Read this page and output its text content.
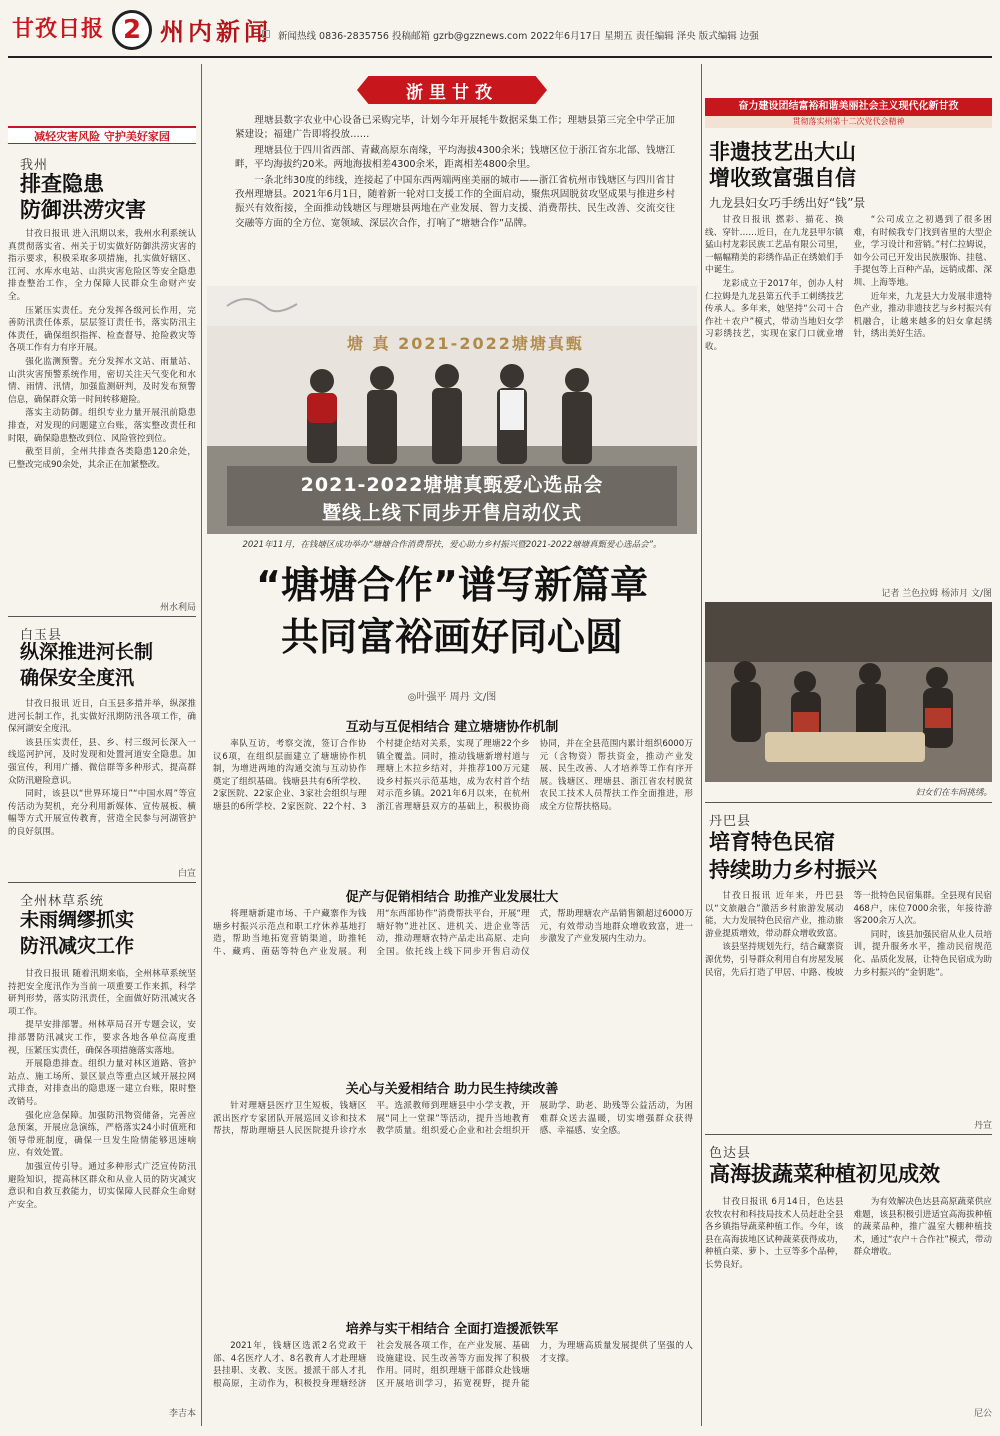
甘孜日报 2 州内新闻 新闻热线 0836-2835756 投稿邮箱 gzrb@gzznews.com 2022年6月17日 星期五 责任编辑 泽央 版式编辑 边强
减轻灾害风险 守护美好家园
我州
排查隐患
防御洪涝灾害

甘孜日报讯 进入汛期以来，我州水利系统认真贯彻落实省、州关于切实做好防御洪涝灾害的指示要求，积极采取多项措施，扎实做好辖区、江河、水库水电站、山洪灾害危险区等安全隐患排查整治工作，全力保障人民群众生命财产安全。

压紧压实责任。充分发挥各级河长作用，完善防汛责任体系，层层签订责任书，落实防汛主体责任，确保组织指挥、检查督导、抢险救灾等各项工作有力有序开展。

强化监测预警。充分发挥水文站、雨量站、山洪灾害预警系统作用，密切关注天气变化和水情、雨情、汛情，加强监测研判，及时发布预警信息，确保群众第一时间转移避险。

落实主动防御。组织专业力量开展汛前隐患排查，对发现的问题建立台账，落实整改责任和时限，确保隐患整改到位、风险管控到位。

截至目前，全州共排查各类隐患120余处，已整改完成90余处，其余正在加紧整改。

州水利局
白玉县
纵深推进河长制
确保安全度汛

甘孜日报讯 近日，白玉县多措并举，纵深推进河长制工作，扎实做好汛期防汛各项工作，确保河湖安全度汛。

该县压实责任，县、乡、村三级河长深入一线巡河护河，及时发现和处置河道安全隐患。加强宣传，利用广播、微信群等多种形式，提高群众防汛避险意识。

同时，该县以“世界环境日”“中国水周”等宣传活动为契机，充分利用新媒体、宣传展板、横幅等方式开展宣传教育，营造全民参与河湖管护的良好氛围。

白宣
全州林草系统
未雨绸缪抓实
防汛减灾工作

甘孜日报讯 随着汛期来临，全州林草系统坚持把安全度汛作为当前一项重要工作来抓，科学研判形势，落实防汛责任，全面做好防汛减灾各项工作。

提早安排部署。州林草局召开专题会议，安排部署防汛减灾工作，要求各地各单位高度重视，压紧压实责任，确保各项措施落实落地。

开展隐患排查。组织力量对林区道路、管护站点、施工场所、景区景点等重点区域开展拉网式排查，对排查出的隐患逐一建立台账，限时整改销号。

强化应急保障。加强防汛物资储备，完善应急预案，开展应急演练，严格落实24小时值班和领导带班制度，确保一旦发生险情能够迅速响应、有效处置。

加强宣传引导。通过多种形式广泛宣传防汛避险知识，提高林区群众和从业人员的防灾减灾意识和自救互救能力，切实保障人民群众生命财产安全。

李吉本
浙里甘孜

理塘县数字农业中心设备已采购完毕，计划今年开展牦牛数据采集工作；理塘县第三完全中学正加紧建设；福建广告即将投放……

理塘县位于四川省西部、青藏高原东南缘，平均海拔4300余米；钱塘区位于浙江省东北部、钱塘江畔，平均海拔约20米。两地海拔相差4300余米，距离相差4800余里。

一条北纬30度的纬线，连接起了中国东西两端两座美丽的城市——浙江省杭州市钱塘区与四川省甘孜州理塘县。2021年6月1日，随着新一轮对口支援工作的全面启动，聚焦巩固脱贫攻坚成果与推进乡村振兴有效衔接，全面推动钱塘区与理塘县两地在产业发展、智力支援、消费帮扶、民生改善、交流交往交融等方面的全方位、宽领域、深层次合作，打响了“塘塘合作”品牌。

塘 真 2021-2022塘塘真甄
2021-2022塘塘真甄爱心选品会
暨线上线下同步开售启动仪式
2021年11月，在钱塘区成功举办“塘塘合作消费帮扶，爱心助力乡村振兴暨2021-2022塘塘真甄爱心选品会”。
“塘塘合作”谱写新篇章
共同富裕画好同心圆
◎叶强平 周丹 文/图
互动与互促相结合 建立塘塘协作机制

率队互访，考察交流，签订合作协议6项，在组织层面建立了塘塘协作机制，为增进两地的沟通交流与互动协作奠定了组织基础。钱塘县共有6所学校、2家医院、22家企业、3家社会组织与理塘县的6所学校、2家医院、22个村、3个村捷企结对关系，实现了理塘22个乡镇全覆盖。同时，推动钱塘新增村道与理塘上木拉乡结对，并推荐100万元建设乡村振兴示范基地，成为农村首个结对示范乡镇。2021年6月以来，在杭州浙江省理塘县双方的基础上，积极协商协同，并在全县范围内累计组织6000万元（含物资）帮扶资金，推动产业发展、民生改善、人才培养等工作有序开展。钱塘区、理塘县、浙江省农村脱贫农民工技术人员帮扶工作全面推进，形成全方位帮扶格局。

促产与促销相结合 助推产业发展壮大

将理塘新建市场、千户藏寨作为钱塘乡村振兴示范点和职工疗休养基地打造，帮助当地拓宽营销渠道，助推牦牛、藏鸡、菌菇等特色产业发展。利用“东西部协作”消费帮扶平台，开展“理塘好物”进社区、进机关、进企业等活动，推动理塘农特产品走出高原、走向全国。依托线上线下同步开售启动仪式，帮助理塘农产品销售额超过6000万元，有效带动当地群众增收致富，进一步激发了产业发展内生动力。

关心与关爱相结合 助力民生持续改善

针对理塘县医疗卫生短板，钱塘区派出医疗专家团队开展巡回义诊和技术帮扶，帮助理塘县人民医院提升诊疗水平。选派教师到理塘县中小学支教，开展“同上一堂课”等活动，提升当地教育教学质量。组织爱心企业和社会组织开展助学、助老、助残等公益活动，为困难群众送去温暖，切实增强群众获得感、幸福感、安全感。

培养与实干相结合 全面打造援派铁军

2021年，钱塘区选派2名党政干部、4名医疗人才、8名教育人才赴理塘县挂职、支教、支医。援派干部人才扎根高原，主动作为，积极投身理塘经济社会发展各项工作，在产业发展、基础设施建设、民生改善等方面发挥了积极作用。同时，组织理塘干部群众赴钱塘区开展培训学习，拓宽视野，提升能力，为理塘高质量发展提供了坚强的人才支撑。

奋力建设团结富裕和谐美丽社会主义现代化新甘孜
贯彻落实州第十二次党代会精神
非遗技艺出大山
增收致富强自信
九龙县妇女巧手绣出好“钱”景

甘孜日报讯 撚彩、描花、换线、穿针……近日，在九龙县甲尔镇猛山村龙彩民族工艺品有限公司里，一幅幅精美的彩绣作品正在绣娘们手中诞生。

龙彩成立于2017年，创办人村仁拉姆是九龙县第五代手工刺绣技艺传承人。多年来，她坚持“公司＋合作社＋农户”模式，带动当地妇女学习彩绣技艺，实现在家门口就业增收。

“公司成立之初遇到了很多困难，有时候我专门找到省里的大型企业，学习设计和营销。”村仁拉姆说，如今公司已开发出民族服饰、挂毯、手提包等上百种产品，远销成都、深圳、上海等地。

近年来，九龙县大力发展非遗特色产业，推动非遗技艺与乡村振兴有机融合，让越来越多的妇女拿起绣针，绣出美好生活。

记者 兰色拉姆 杨沛月 文/图
妇女们在车间挑绣。
丹巴县
培育特色民宿
持续助力乡村振兴

甘孜日报讯 近年来，丹巴县以“文旅融合”激活乡村旅游发展动能，大力发展特色民宿产业，推动旅游业提质增效，带动群众增收致富。

该县坚持规划先行，结合藏寨资源优势，引导群众利用自有房屋发展民宿，先后打造了甲居、中路、梭坡等一批特色民宿集群。全县现有民宿468户，床位7000余张，年接待游客200余万人次。

同时，该县加强民宿从业人员培训，提升服务水平，推动民宿规范化、品质化发展，让特色民宿成为助力乡村振兴的“金钥匙”。

丹宣
色达县
高海拔蔬菜种植初见成效

甘孜日报讯 6月14日，色达县农牧农村和科技局技术人员赶赴全县各乡镇指导蔬菜种植工作。今年，该县在高海拔地区试种蔬菜获得成功，种植白菜、萝卜、土豆等多个品种，长势良好。

为有效解决色达县高原蔬菜供应难题，该县积极引进适宜高海拔种植的蔬菜品种，推广温室大棚种植技术，通过“农户＋合作社”模式，带动群众增收。

尼公
